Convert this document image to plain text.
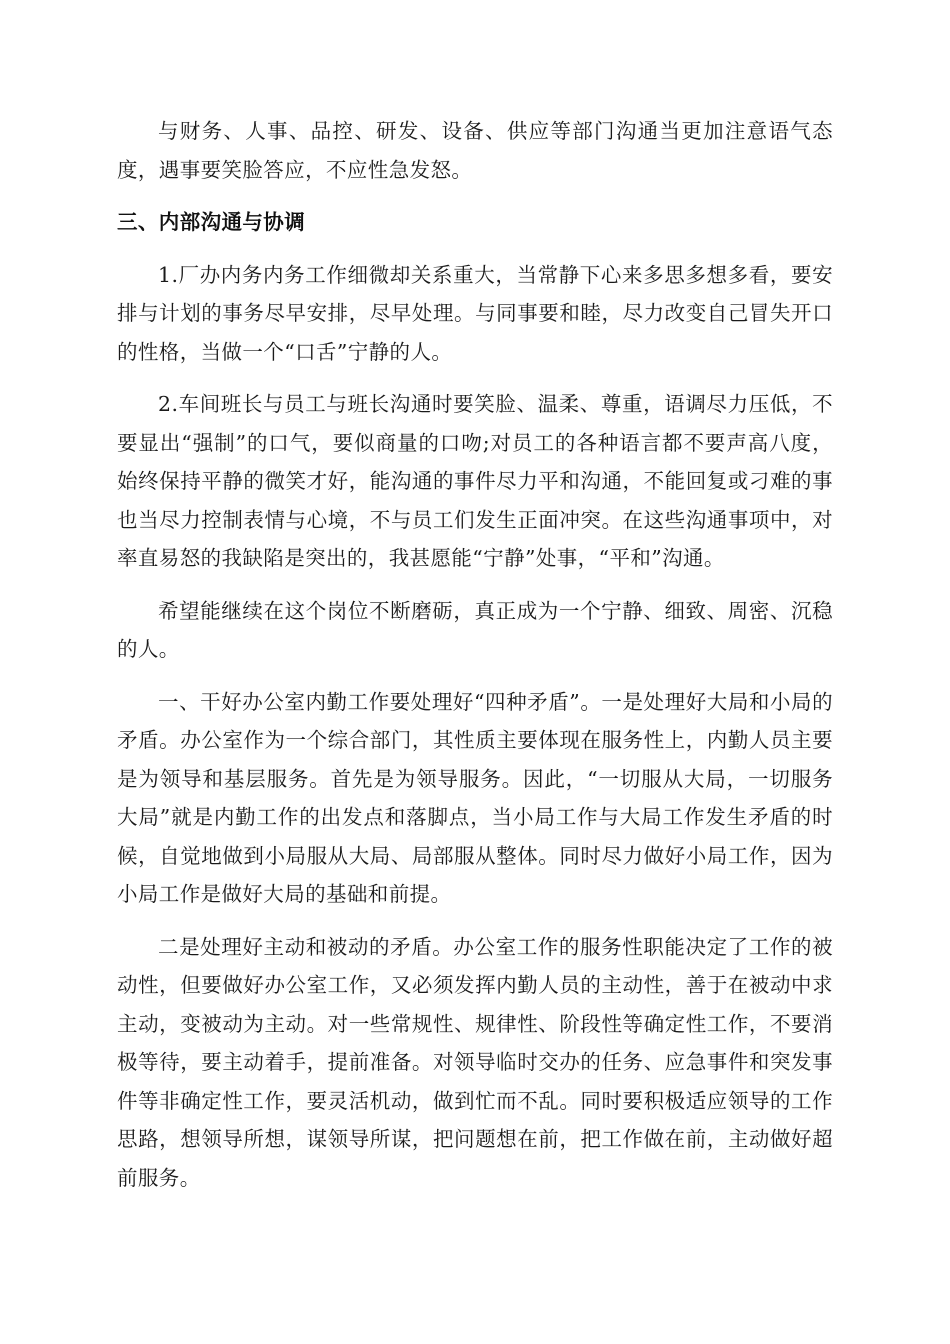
与财务、人事、品控、研发、设备、供应等部门沟通当更加注意语气态度，遇事要笑脸答应，不应性急发怒。

三、内部沟通与协调

1.厂办内务内务工作细微却关系重大，当常静下心来多思多想多看，要安排与计划的事务尽早安排，尽早处理。与同事要和睦，尽力改变自己冒失开口的性格，当做一个“口舌”宁静的人。

2.车间班长与员工与班长沟通时要笑脸、温柔、尊重，语调尽力压低，不要显出“强制”的口气，要似商量的口吻;对员工的各种语言都不要声高八度，始终保持平静的微笑才好，能沟通的事件尽力平和沟通，不能回复或刁难的事也当尽力控制表情与心境，不与员工们发生正面冲突。在这些沟通事项中，对率直易怒的我缺陷是突出的，我甚愿能“宁静”处事，“平和”沟通。

希望能继续在这个岗位不断磨砺，真正成为一个宁静、细致、周密、沉稳的人。

一、干好办公室内勤工作要处理好“四种矛盾”。一是处理好大局和小局的矛盾。办公室作为一个综合部门，其性质主要体现在服务性上，内勤人员主要是为领导和基层服务。首先是为领导服务。因此，“一切服从大局，一切服务大局”就是内勤工作的出发点和落脚点，当小局工作与大局工作发生矛盾的时候，自觉地做到小局服从大局、局部服从整体。同时尽力做好小局工作，因为小局工作是做好大局的基础和前提。

二是处理好主动和被动的矛盾。办公室工作的服务性职能决定了工作的被动性，但要做好办公室工作，又必须发挥内勤人员的主动性，善于在被动中求主动，变被动为主动。对一些常规性、规律性、阶段性等确定性工作，不要消极等待，要主动着手，提前准备。对领导临时交办的任务、应急事件和突发事件等非确定性工作，要灵活机动，做到忙而不乱。同时要积极适应领导的工作思路，想领导所想，谋领导所谋，把问题想在前，把工作做在前，主动做好超前服务。
